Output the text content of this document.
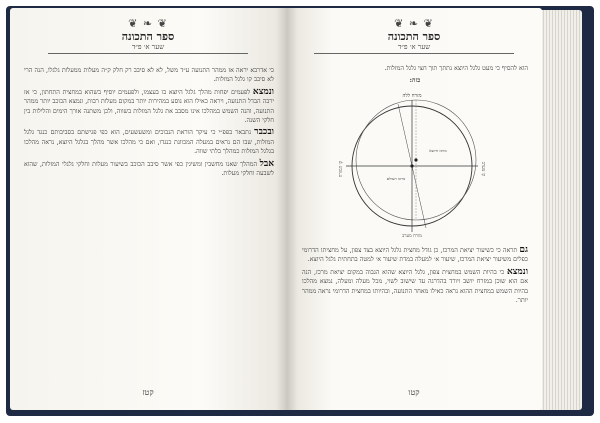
❦ ❧ ❦
ספר התכונה
שער א׳ פ״ד

כי אדרבא יראה אז ממהר התנועה ע״ד משל, לא לא סיבב רק חלק ק״ה מעלות ממעלות גלגלו, הנה הרי לא סיבב קו גלגל המזלות.

ונמצא לפעמים יפחות מהלך גלגל היוצא בו בעצמו, ולפעמים יוסיף בשהוא במחצית התחתון, כי אז ירבה הבדל התנועה, ויראה כאילו הוא נוסע במהירות יותר במקום מעלות רבות, ונמצא הכוכב יותר ממהר התנועה, והנה השמש במהלכו אינו מסבב את גלגל המזלות בשווה, ולכן משתנה אורך הימים והלילות בין חלקי השנה.

ובכבר נתבאר בפפ״י כי עיקר הוראת הנבוכים ומשעשעים, הוא כפי פגישתם בסביבותם כנגד גלגל המזלות, שבו הם נראים במעלה המכוונת כנגדו, ואם כי מהלכו אשר מהלך בגלגל היוצא, נראה מהלכו בגלגל המזלות כמהלך בלתי שווה.

אבל המהלך שאנו מחשבין ומשיגין כפי אשר סיבב הכוכב בשיעור מעלות וחלקי גלגלי המזלות, שהוא לשבעה וחלקי מעלות.

קטז
❦ ❧ ❦
ספר התכונה
שער א׳ פ״ד

הוא להסיף כי מעט גלגל היוצא נתתך תוך חצי גלגל המזלות.

כזה:

מזרח ללה
קו מערב
קו המזרח
מזרח מערב
מרכז העולם
מרכז היוצא

גם תראה כי כשיעור יציאת המרכז, כן גודל מחצית גלגל היוצא בצד צפון, על מחציתו הדרומי כפלים משיעור יציאת המרכז, שיעור א׳ למעלה במדת שיעור א׳ למטה בתחתית גלגל היוצא.

ונמצא כי בהיות השמש במחצית צפון, גלגל היוצא שהוא הגבוה במקום יציאת מרכז, הנה אם הוא שוכן במזרח יושב ויורד בהדרגה עד שישוב לשוי, מכל מעלה ומעלה, נמצא מהלכו בהיות השמש במחצית ההוא נראה כאילו מאחר התנועה, ובהיותו במחצית הדרומי נראה ממהר יותר.

קטו
